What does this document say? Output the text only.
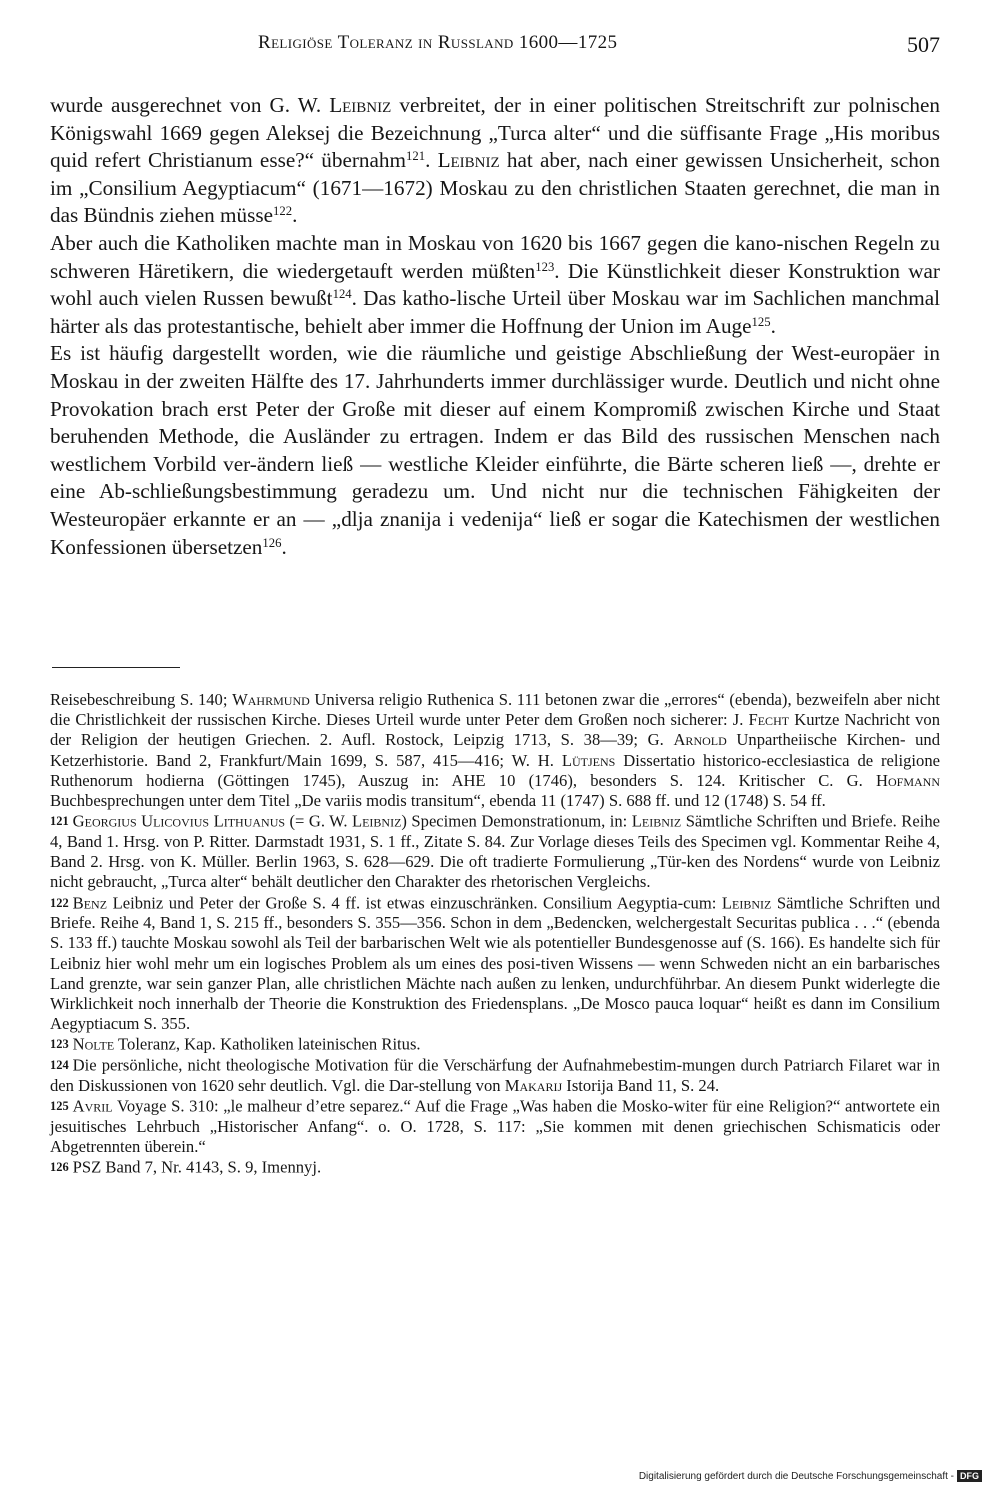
Religiöse Toleranz in Russland 1600—1725	507

wurde ausgerechnet von G. W. Leibniz verbreitet, der in einer politischen Streitschrift zur polnischen Königswahl 1669 gegen Aleksej die Bezeichnung „Turca alter“ und die süffisante Frage „His moribus quid refert Christianum esse?“ übernahm$^{121}$. Leibniz hat aber, nach einer gewissen Unsicherheit, schon im „Consilium Aegyptiacum“ (1671—1672) Moskau zu den christlichen Staaten gerechnet, die man in das Bündnis ziehen müsse$^{122}$.

Aber auch die Katholiken machte man in Moskau von 1620 bis 1667 gegen die kano-nischen Regeln zu schweren Häretikern, die wiedergetauft werden müßten$^{123}$. Die Künstlichkeit dieser Konstruktion war wohl auch vielen Russen bewußt$^{124}$. Das katho-lische Urteil über Moskau war im Sachlichen manchmal härter als das protestantische, behielt aber immer die Hoffnung der Union im Auge$^{125}$.

Es ist häufig dargestellt worden, wie die räumliche und geistige Abschließung der West-europäer in Moskau in der zweiten Hälfte des 17. Jahrhunderts immer durchlässiger wurde. Deutlich und nicht ohne Provokation brach erst Peter der Große mit dieser auf einem Kompromiß zwischen Kirche und Staat beruhenden Methode, die Ausländer zu ertragen. Indem er das Bild des russischen Menschen nach westlichem Vorbild ver-ändern ließ — westliche Kleider einführte, die Bärte scheren ließ —, drehte er eine Ab-schließungsbestimmung geradezu um. Und nicht nur die technischen Fähigkeiten der Westeuropäer erkannte er an — „dlja znanija i vedenija“ ließ er sogar die Katechismen der westlichen Konfessionen übersetzen$^{126}$.

Reisebeschreibung S. 140; Wahrmund Universa religio Ruthenica S. 111 betonen zwar die „errores“ (ebenda), bezweifeln aber nicht die Christlichkeit der russischen Kirche. Dieses Urteil wurde unter Peter dem Großen noch sicherer: J. Fecht Kurtze Nachricht von der Religion der heutigen Griechen. 2. Aufl. Rostock, Leipzig 1713, S. 38—39; G. Arnold Unpartheiische Kirchen- und Ketzerhistorie. Band 2, Frankfurt/Main 1699, S. 587, 415—416; W. H. Lütjens Dissertatio historico-ecclesiastica de religione Ruthenorum hodierna (Göttingen 1745), Auszug in: AHE 10 (1746), besonders S. 124. Kritischer C. G. Hofmann Buchbesprechungen unter dem Titel „De variis modis transitum“, ebenda 11 (1747) S. 688 ff. und 12 (1748) S. 54 ff.

121 Georgius Ulicovius Lithuanus (= G. W. Leibniz) Specimen Demonstrationum, in: Leibniz Sämtliche Schriften und Briefe. Reihe 4, Band 1. Hrsg. von P. Ritter. Darmstadt 1931, S. 1 ff., Zitate S. 84. Zur Vorlage dieses Teils des Specimen vgl. Kommentar Reihe 4, Band 2. Hrsg. von K. Müller. Berlin 1963, S. 628—629. Die oft tradierte Formulierung „Tür-ken des Nordens“ wurde von Leibniz nicht gebraucht, „Turca alter“ behält deutlicher den Charakter des rhetorischen Vergleichs.

122 Benz Leibniz und Peter der Große S. 4 ff. ist etwas einzuschränken. Consilium Aegyptia-cum: Leibniz Sämtliche Schriften und Briefe. Reihe 4, Band 1, S. 215 ff., besonders S. 355—356. Schon in dem „Bedencken, welchergestalt Securitas publica . . .“ (ebenda S. 133 ff.) tauchte Moskau sowohl als Teil der barbarischen Welt wie als potentieller Bundesgenosse auf (S. 166). Es handelte sich für Leibniz hier wohl mehr um ein logisches Problem als um eines des posi-tiven Wissens — wenn Schweden nicht an ein barbarisches Land grenzte, war sein ganzer Plan, alle christlichen Mächte nach außen zu lenken, undurchführbar. An diesem Punkt widerlegte die Wirklichkeit noch innerhalb der Theorie die Konstruktion des Friedensplans. „De Mosco pauca loquar“ heißt es dann im Consilium Aegyptiacum S. 355.

123 Nolte Toleranz, Kap. Katholiken lateinischen Ritus.

124 Die persönliche, nicht theologische Motivation für die Verschärfung der Aufnahmebestim-mungen durch Patriarch Filaret war in den Diskussionen von 1620 sehr deutlich. Vgl. die Dar-stellung von Makarij Istorija Band 11, S. 24.

125 Avril Voyage S. 310: „le malheur d’etre separez.“ Auf die Frage „Was haben die Mosko-witer für eine Religion?“ antwortete ein jesuitisches Lehrbuch „Historischer Anfang“. o. O. 1728, S. 117: „Sie kommen mit denen griechischen Schismaticis oder Abgetrennten überein.“

126 PSZ Band 7, Nr. 4143, S. 9, Imennyj.

Digitalisierung gefördert durch die Deutsche Forschungsgemeinschaft - DFG
